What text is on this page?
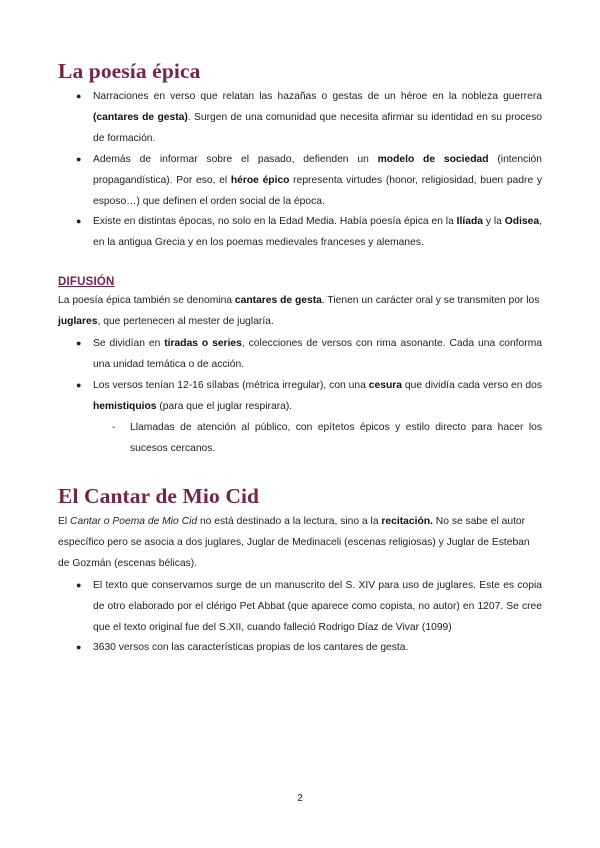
La poesía épica
● Narraciones en verso que relatan las hazañas o gestas de un héroe en la nobleza guerrera (cantares de gesta). Surgen de una comunidad que necesita afirmar su identidad en su proceso de formación.
● Además de informar sobre el pasado, defienden un modelo de sociedad (intención propagandística). Por eso, el héroe épico representa virtudes (honor, religiosidad, buen padre y esposo…) que definen el orden social de la época.
● Existe en distintas épocas, no solo en la Edad Media. Había poesía épica en la Ilíada y la Odisea, en la antigua Grecia y en los poemas medievales franceses y alemanes.
DIFUSIÓN
La poesía épica también se denomina cantares de gesta. Tienen un carácter oral y se transmiten por los juglares, que pertenecen al mester de juglaría.
● Se dividían en tiradas o series, colecciones de versos con rima asonante. Cada una conforma una unidad temática o de acción.
● Los versos tenían 12-16 sílabas (métrica irregular), con una cesura que dividía cada verso en dos hemistiquios (para que el juglar respirara).
- Llamadas de atención al público, con epítetos épicos y estilo directo para hacer los sucesos cercanos.
El Cantar de Mio Cid
El Cantar o Poema de Mio Cid no está destinado a la lectura, sino a la recitación. No se sabe el autor específico pero se asocia a dos juglares, Juglar de Medinaceli (escenas religiosas) y Juglar de Esteban de Gozmán (escenas bélicas).
● El texto que conservamos surge de un manuscrito del S. XIV para uso de juglares. Este es copia de otro elaborado por el clérigo Pet Abbat (que aparece como copista, no autor) en 1207. Se cree que el texto original fue del S.XII, cuando falleció Rodrigo Díaz de Vivar (1099)
● 3630 versos con las características propias de los cantares de gesta.
2
